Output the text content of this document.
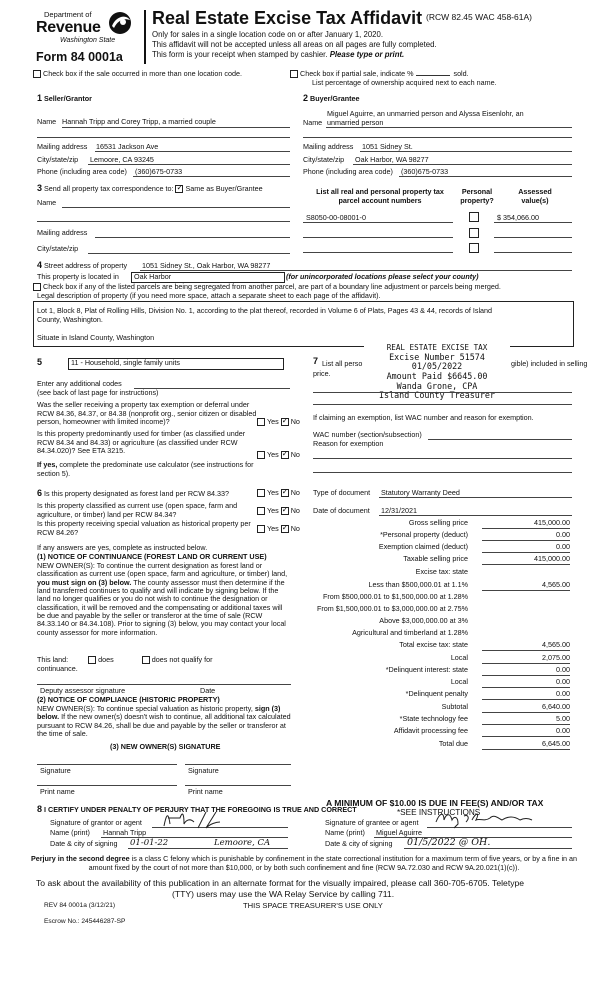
Department of
Revenue
Washington State
Form 84 0001a
Real Estate Excise Tax Affidavit (RCW 82.45 WAC 458-61A)
Only for sales in a single location code on or after January 1, 2020.
This affidavit will not be accepted unless all areas on all pages are fully completed.
This form is your receipt when stamped by cashier. Please type or print.
Check box if the sale occurred in more than one location code.	Check box if partial sale, indicate %	sold.
List percentage of ownership acquired next to each name.
1 Seller/Grantor
Name Hannah Tripp and Corey Tripp, a married couple
Mailing address 16531 Jackson Ave
City/state/zip Lemoore, CA 93245
Phone (including area code) (360)675-0733
2 Buyer/Grantee
Miguel Aguirre, an unmarried person and Alyssa Eisenlohr, an
Name unmarried person
Mailing address 1051 Sidney St.
City/state/zip Oak Harbor, WA 98277
Phone (including area code) (360)675-0733
3 Send all property tax correspondence to: ✓ Same as Buyer/Grantee
Name
Mailing address
City/state/zip
List all real and personal property tax parcel account numbers
Personal property?
Assessed value(s)
S8050-00-08001-0	$ 354,066.00
4 Street address of property 1051 Sidney St., Oak Harbor, WA 98277
This property is located in	Oak Harbor	(for unincorporated locations please select your county)
Check box if any of the listed parcels are being segregated from another parcel, are part of a boundary line adjustment or parcels being merged.
Legal description of property (if you need more space, attach a separate sheet to each page of the affidavit).
Lot 1, Block 8, Plat of Rolling Hills, Division No. 1, according to the plat thereof, recorded in Volume 6 of Plats, Pages 43 & 44, records of Island
County, Washington.
Situate in Island County, Washington
5	11 - Household, single family units
Enter any additional codes
(see back of last page for instructions)
Was the seller receiving a property tax exemption or deferral under RCW 84.36, 84.37, or 84.38 (nonprofit org., senior citizen or disabled person, homeowner with limited income)?	Yes ✓ No
Is this property predominantly used for timber (as classified under RCW 84.34 and 84.33) or agriculture (as classified under RCW 84.34.020)? See ETA 3215.	Yes ✓ No
If yes, complete the predominate use calculator (see instructions for section 5).
7 List all perso	gible) included in selling
price.
REAL ESTATE EXCISE TAX
Excise Number 51574
01/05/2022
Amount Paid $6645.00
Wanda Grone, CPA
Island County Treasurer
If claiming an exemption, list WAC number and reason for exemption.
WAC number (section/subsection)
Reason for exemption
6 Is this property designated as forest land per RCW 84.33?	Yes ✓ No
Is this property classified as current use (open space, farm and agriculture, or timber) land per RCW 84.34?	Yes ✓ No
Is this property receiving special valuation as historical property per RCW 84.26?	Yes ✓ No
If any answers are yes, complete as instructed below.
(1) NOTICE OF CONTINUANCE (FOREST LAND OR CURRENT USE)
NEW OWNER(S): To continue the current designation as forest land or classification as current use (open space, farm and agriculture, or timber) land, you must sign on (3) below. The county assessor must then determine if the land transferred continues to qualify and will indicate by signing below. If the land no longer qualifies or you do not wish to continue the designation or classification, it will be removed and the compensating or additional taxes will be due and payable by the seller or transferor at the time of sale (RCW 84.33.140 or 84.34.108). Prior to signing (3) below, you may contact your local county assessor for more information.
This land:	does	does not qualify for
continuance.
Deputy assessor signature	Date
(2) NOTICE OF COMPLIANCE (HISTORIC PROPERTY)
NEW OWNER(S): To continue special valuation as historic property, sign (3) below. If the new owner(s) doesn't wish to continue, all additional tax calculated pursuant to RCW 84.26, shall be due and payable by the seller or transferor at the time of sale.
(3) NEW OWNER(S) SIGNATURE
Signature	Signature
Print name	Print name
Type of document Statutory Warranty Deed
Date of document 12/31/2021
Gross selling price	415,000.00
*Personal property (deduct)	0.00
Exemption claimed (deduct)	0.00
Taxable selling price	415,000.00
Excise tax: state
Less than $500,000.01 at 1.1%	4,565.00
From $500,000.01 to $1,500,000.00 at 1.28%
From $1,500,000.01 to $3,000,000.00 at 2.75%
Above $3,000,000.00 at 3%
Agricultural and timberland at 1.28%
Total excise tax: state	4,565.00
Local	2,075.00
*Delinquent interest: state	0.00
Local	0.00
*Delinquent penalty	0.00
Subtotal	6,640.00
*State technology fee	5.00
Affidavit processing fee	0.00
Total due	6,645.00
A MINIMUM OF $10.00 IS DUE IN FEE(S) AND/OR TAX
*SEE INSTRUCTIONS
8 I CERTIFY UNDER PENALTY OF PERJURY THAT THE FOREGOING IS TRUE AND CORRECT
Signature of grantor or agent
Name (print) Hannah Tripp
Date & city of signing 01-01-22	Lemoore, CA
Signature of grantee or agent
Name (print) Miguel Aguirre
Date & city of signing 01/5/2022 @ OH.
Perjury in the second degree is a class C felony which is punishable by confinement in the state correctional institution for a maximum term of five years, or by a fine in an amount fixed by the court of not more than $10,000, or by both such confinement and fine (RCW 9A.72.030 and RCW 9A.20.021(1)(c)).
To ask about the availability of this publication in an alternate format for the visually impaired, please call 360-705-6705. Teletype
(TTY) users may use the WA Relay Service by calling 711.
REV 84 0001a (3/12/21)	THIS SPACE TREASURER'S USE ONLY
Escrow No.: 245446287-SP
